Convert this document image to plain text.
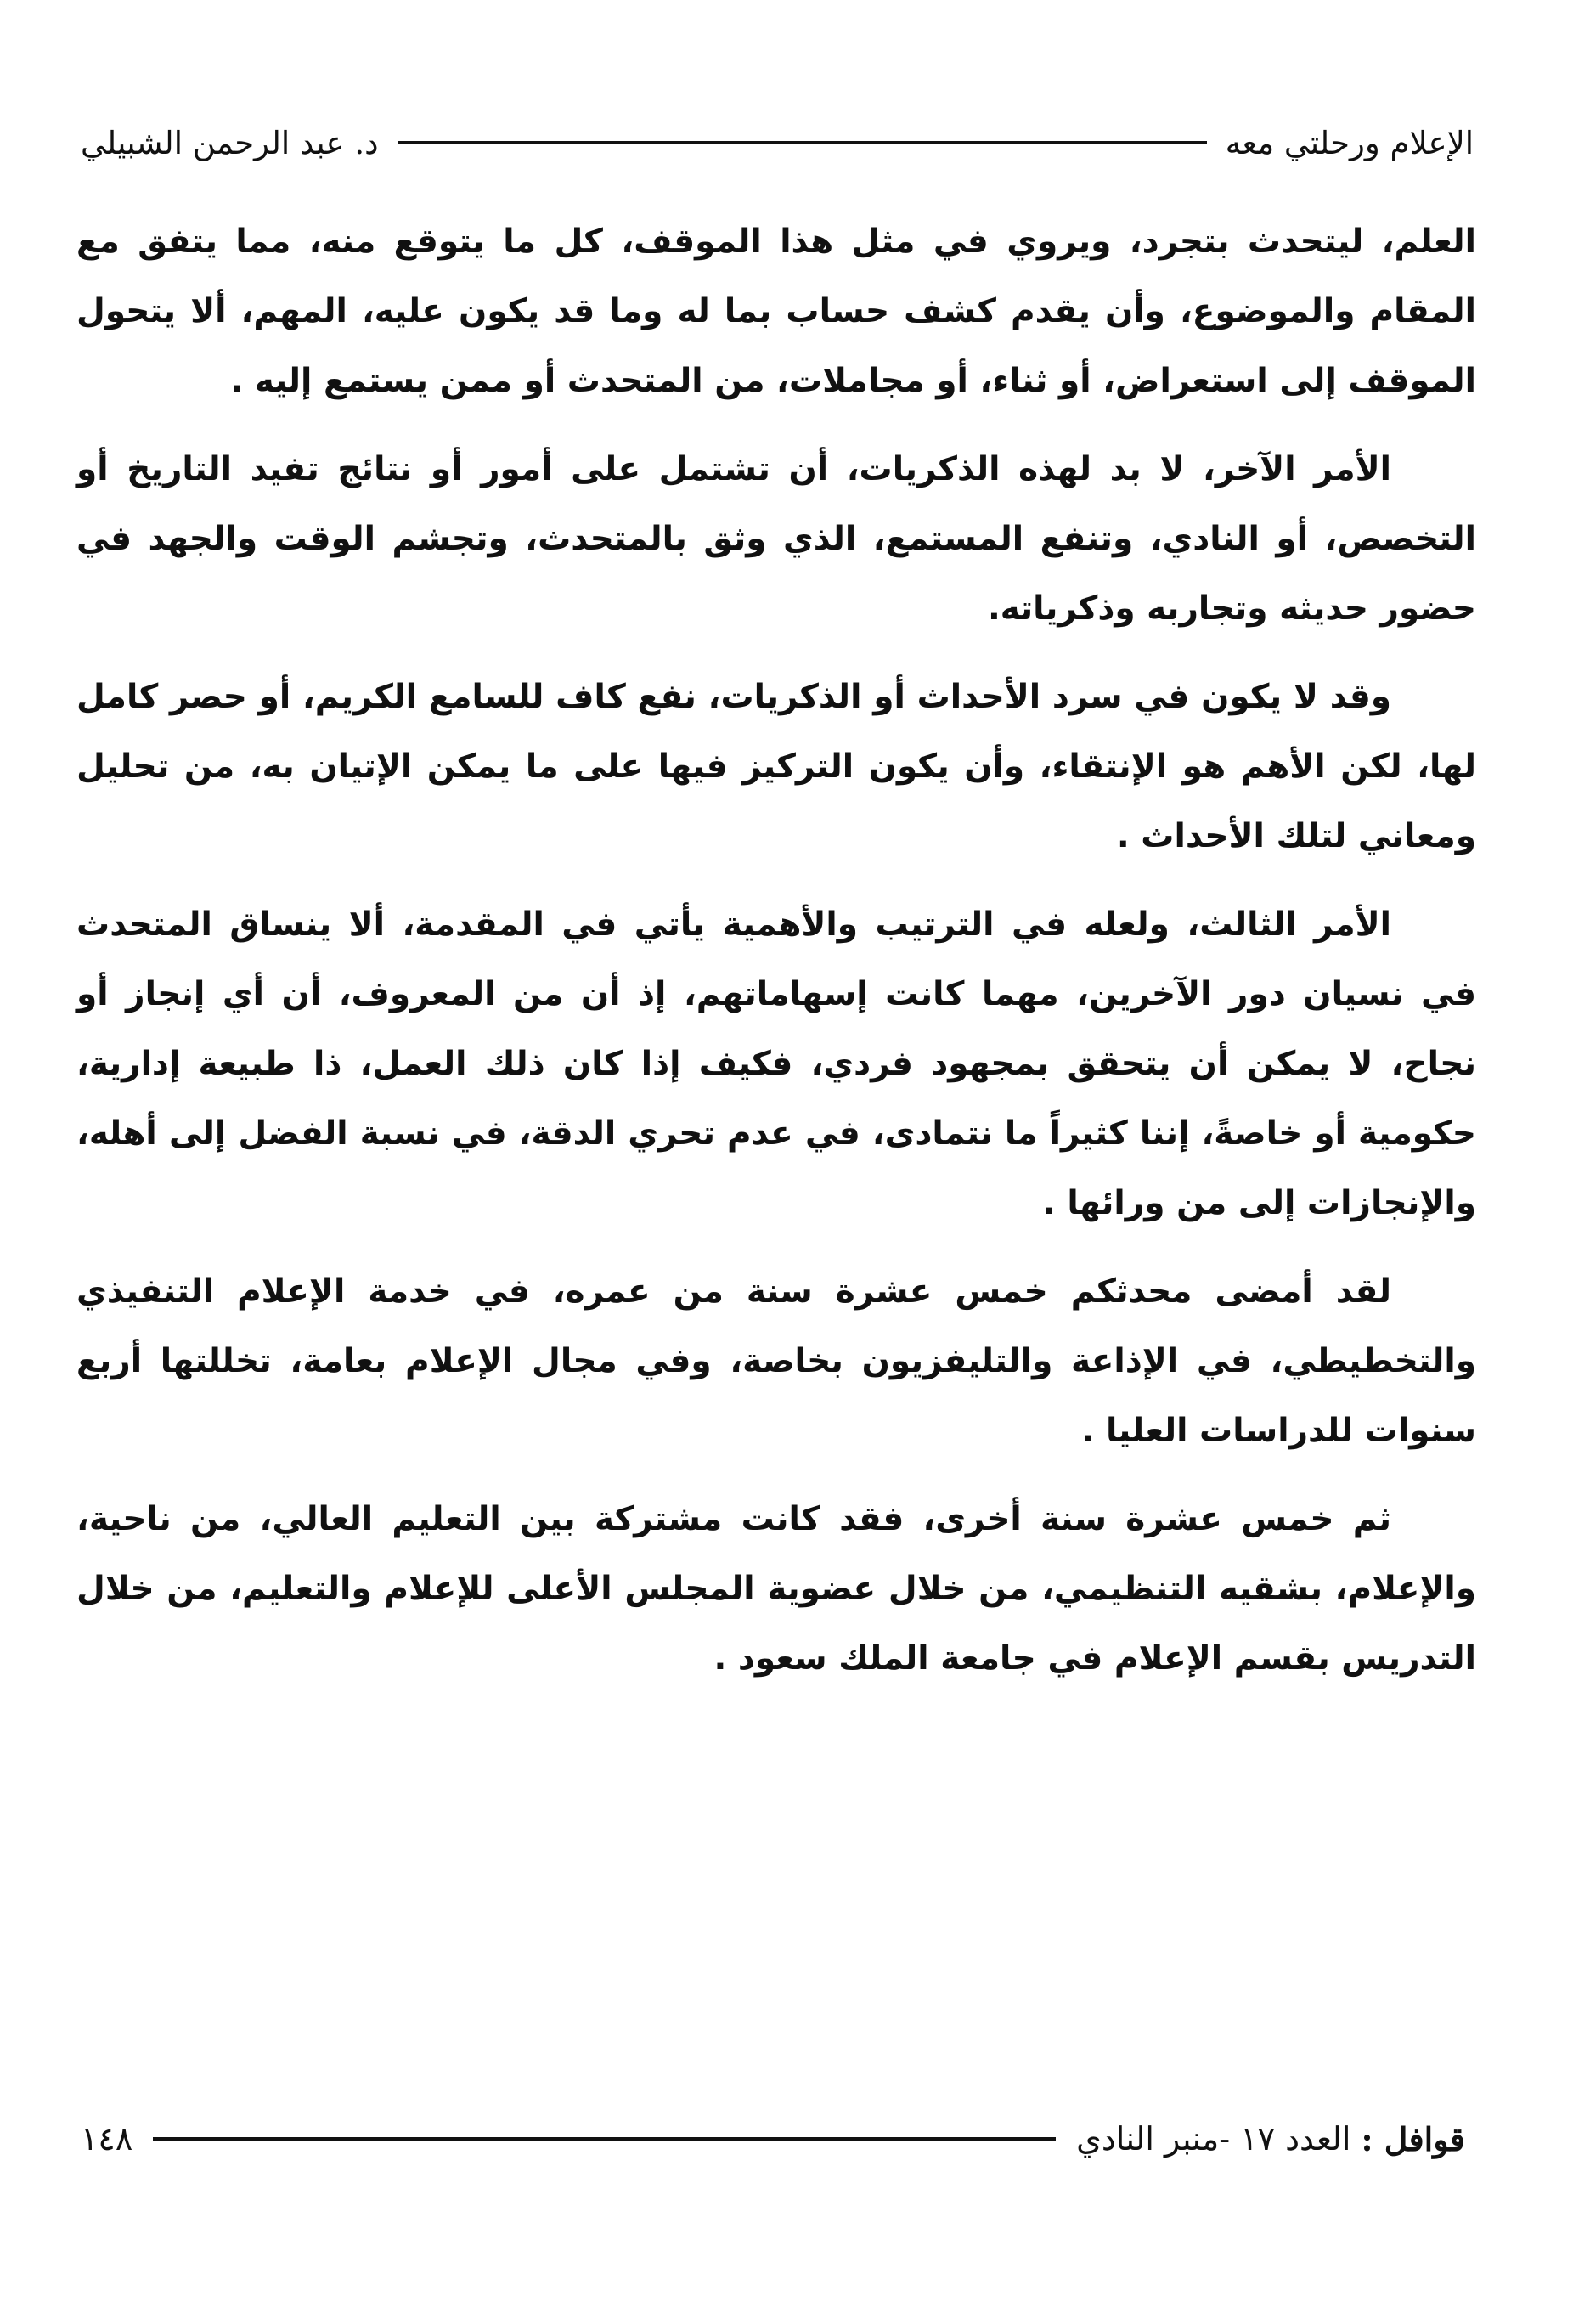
الإعلام ورحلتي معه
د. عبد الرحمن الشبيلي

العلم، ليتحدث بتجرد، ويروي في مثل هذا الموقف، كل ما يتوقع منه، مما يتفق مع المقام والموضوع، وأن يقدم كشف حساب بما له وما قد يكون عليه، المهم، ألا يتحول الموقف إلى استعراض، أو ثناء، أو مجاملات، من المتحدث أو ممن يستمع إليه .

الأمر الآخر، لا بد لهذه الذكريات، أن تشتمل على أمور أو نتائج تفيد التاريخ أو التخصص، أو النادي، وتنفع المستمع، الذي وثق بالمتحدث، وتجشم الوقت والجهد في حضور حديثه وتجاربه وذكرياته.

وقد لا يكون في سرد الأحداث أو الذكريات، نفع كاف للسامع الكريم، أو حصر كامل لها، لكن الأهم هو الإنتقاء، وأن يكون التركيز فيها على ما يمكن الإتيان به، من تحليل ومعاني لتلك الأحداث .

الأمر الثالث، ولعله في الترتيب والأهمية يأتي في المقدمة، ألا ينساق المتحدث في نسيان دور الآخرين، مهما كانت إسهاماتهم، إذ أن من المعروف، أن أي إنجاز أو نجاح، لا يمكن أن يتحقق بمجهود فردي، فكيف إذا كان ذلك العمل، ذا طبيعة إدارية، حكومية أو خاصةً، إننا كثيراً ما نتمادى، في عدم تحري الدقة، في نسبة الفضل إلى أهله، والإنجازات إلى من ورائها .

لقد أمضى محدثكم خمس عشرة سنة من عمره، في خدمة الإعلام التنفيذي والتخطيطي، في الإذاعة والتليفزيون بخاصة، وفي مجال الإعلام بعامة، تخللتها أربع سنوات للدراسات العليا .

ثم خمس عشرة سنة أخرى، فقد كانت مشتركة بين التعليم العالي، من ناحية، والإعلام، بشقيه التنظيمي، من خلال عضوية المجلس الأعلى للإعلام والتعليم، من خلال التدريس بقسم الإعلام في جامعة الملك سعود .

قوافل :
العدد ١٧ -منبر النادي
١٤٨
